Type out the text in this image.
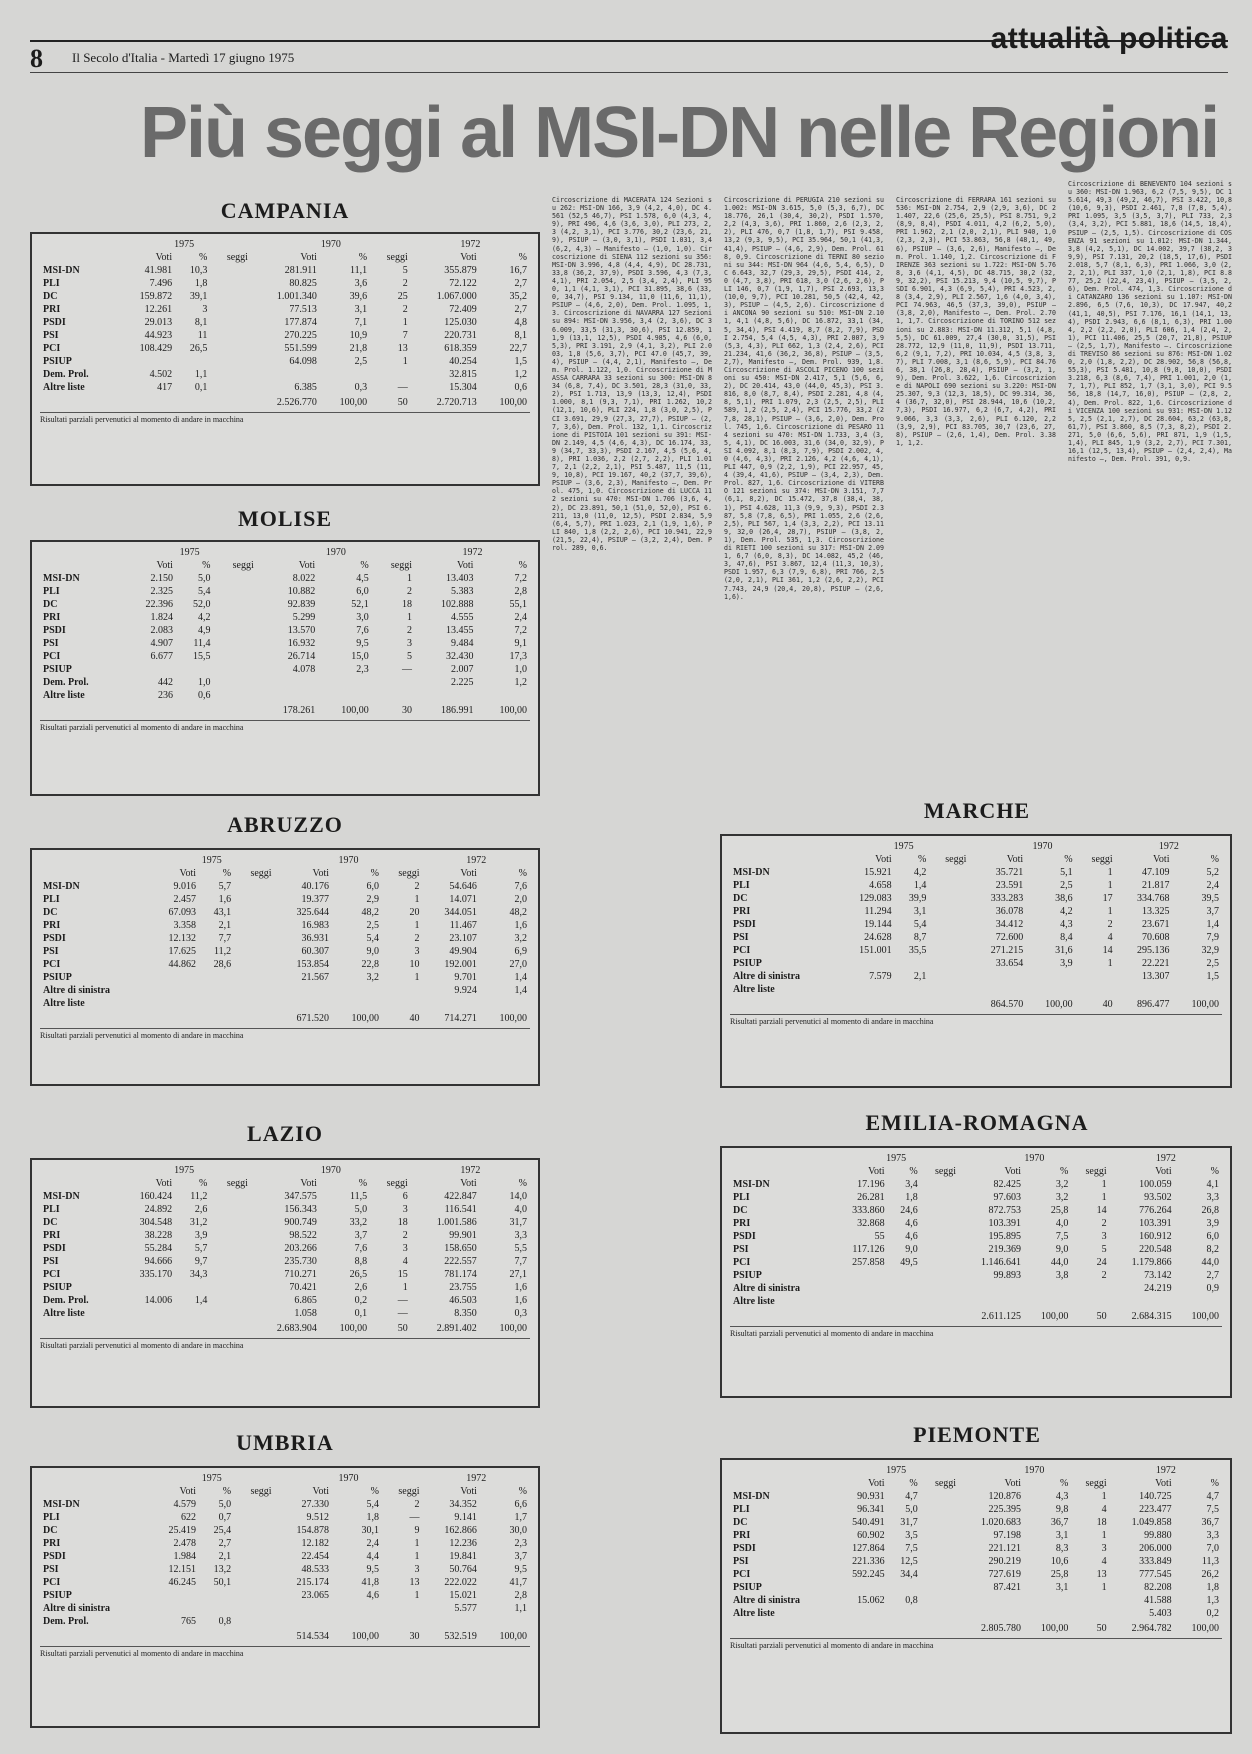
8 Il Secolo d'Italia - Martedì 17 giugno 1975
attualità politica
Più seggi al MSI-DN nelle Regioni
CAMPANIA
	1975			1970			1972	
	Voti	%	seggi	Voti	%	seggi	Voti	%
MSI-DN	41.981	10,3		281.911	11,1	5	355.879	16,7
PLI	7.496	1,8		80.825	3,6	2	72.122	2,7
DC	159.872	39,1		1.001.340	39,6	25	1.067.000	35,2
PRI	12.261	3		77.513	3,1	2	72.409	2,7
PSDI	29.013	8,1		177.874	7,1	1	125.030	4,8
PSI	44.923	11		270.225	10,9	7	220.731	8,1
PCI	108.429	26,5		551.599	21,8	13	618.359	22,7
PSIUP				64.098	2,5	1	40.254	1,5
Dem. Prol.	4.502	1,1					32.815	1,2
Altre liste	417	0,1		6.385	0,3	—	15.304	0,6
				2.526.770	100,00	50	2.720.713	100,00
Risultati parziali pervenutici al momento di andare in macchina
MOLISE
	1975			1970			1972	
	Voti	%	seggi	Voti	%	seggi	Voti	%
MSI-DN	2.150	5,0		8.022	4,5	1	13.403	7,2
PLI	2.325	5,4		10.882	6,0	2	5.383	2,8
DC	22.396	52,0		92.839	52,1	18	102.888	55,1
PRI	1.824	4,2		5.299	3,0	1	4.555	2,4
PSDI	2.083	4,9		13.570	7,6	2	13.455	7,2
PSI	4.907	11,4		16.932	9,5	3	9.484	9,1
PCI	6.677	15,5		26.714	15,0	5	32.430	17,3
PSIUP				4.078	2,3	—	2.007	1,0
Dem. Prol.	442	1,0					2.225	1,2
Altre liste	236	0,6						
				178.261	100,00	30	186.991	100,00
Risultati parziali pervenutici al momento di andare in macchina
ABRUZZO
	1975			1970			1972	
	Voti	%	seggi	Voti	%	seggi	Voti	%
MSI-DN	9.016	5,7		40.176	6,0	2	54.646	7,6
PLI	2.457	1,6		19.377	2,9	1	14.071	2,0
DC	67.093	43,1		325.644	48,2	20	344.051	48,2
PRI	3.358	2,1		16.983	2,5	1	11.467	1,6
PSDI	12.132	7,7		36.931	5,4	2	23.107	3,2
PSI	17.625	11,2		60.307	9,0	3	49.904	6,9
PCI	44.862	28,6		153.854	22,8	10	192.001	27,0
PSIUP				21.567	3,2	1	9.701	1,4
Altre di sinistra							9.924	1,4
Altre liste								
				671.520	100,00	40	714.271	100,00
Risultati parziali pervenutici al momento di andare in macchina
LAZIO
	1975			1970			1972	
	Voti	%	seggi	Voti	%	seggi	Voti	%
MSI-DN	160.424	11,2		347.575	11,5	6	422.847	14,0
PLI	24.892	2,6		156.343	5,0	3	116.541	4,0
DC	304.548	31,2		900.749	33,2	18	1.001.586	31,7
PRI	38.228	3,9		98.522	3,7	2	99.901	3,3
PSDI	55.284	5,7		203.266	7,6	3	158.650	5,5
PSI	94.666	9,7		235.730	8,8	4	222.557	7,7
PCI	335.170	34,3		710.271	26,5	15	781.174	27,1
PSIUP				70.421	2,6	1	23.755	1,6
Dem. Prol.	14.006	1,4		6.865	0,2	—	46.503	1,6
Altre liste				1.058	0,1	—	8.350	0,3
				2.683.904	100,00	50	2.891.402	100,00
Risultati parziali pervenutici al momento di andare in macchina
UMBRIA
	1975			1970			1972	
	Voti	%	seggi	Voti	%	seggi	Voti	%
MSI-DN	4.579	5,0		27.330	5,4	2	34.352	6,6
PLI	622	0,7		9.512	1,8	—	9.141	1,7
DC	25.419	25,4		154.878	30,1	9	162.866	30,0
PRI	2.478	2,7		12.182	2,4	1	12.236	2,3
PSDI	1.984	2,1		22.454	4,4	1	19.841	3,7
PSI	12.151	13,2		48.533	9,5	3	50.764	9,5
PCI	46.245	50,1		215.174	41,8	13	222.022	41,7
PSIUP				23.065	4,6	1	15.021	2,8
Altre di sinistra							5.577	1,1
Dem. Prol.	765	0,8						
				514.534	100,00	30	532.519	100,00
Risultati parziali pervenutici al momento di andare in macchina
MARCHE
	1975			1970			1972	
	Voti	%	seggi	Voti	%	seggi	Voti	%
MSI-DN	15.921	4,2		35.721	5,1	1	47.109	5,2
PLI	4.658	1,4		23.591	2,5	1	21.817	2,4
DC	129.083	39,9		333.283	38,6	17	334.768	39,5
PRI	11.294	3,1		36.078	4,2	1	13.325	3,7
PSDI	19.144	5,4		34.412	4,3	2	23.671	1,4
PSI	24.628	8,7		72.600	8,4	4	70.608	7,9
PCI	151.001	35,5		271.215	31,6	14	295.136	32,9
PSIUP				33.654	3,9	1	22.221	2,5
Altre di sinistra	7.579	2,1					13.307	1,5
Altre liste								
				864.570	100,00	40	896.477	100,00
Risultati parziali pervenutici al momento di andare in macchina
EMILIA-ROMAGNA
	1975			1970			1972	
	Voti	%	seggi	Voti	%	seggi	Voti	%
MSI-DN	17.196	3,4		82.425	3,2	1	100.059	4,1
PLI	26.281	1,8		97.603	3,2	1	93.502	3,3
DC	333.860	24,6		872.753	25,8	14	776.264	26,8
PRI	32.868	4,6		103.391	4,0	2	103.391	3,9
PSDI	55	4,6		195.895	7,5	3	160.912	6,0
PSI	117.126	9,0		219.369	9,0	5	220.548	8,2
PCI	257.858	49,5		1.146.641	44,0	24	1.179.866	44,0
PSIUP				99.893	3,8	2	73.142	2,7
Altre di sinistra							24.219	0,9
Altre liste								
				2.611.125	100,00	50	2.684.315	100,00
Risultati parziali pervenutici al momento di andare in macchina
PIEMONTE
	1975			1970			1972	
	Voti	%	seggi	Voti	%	seggi	Voti	%
MSI-DN	90.931	4,7		120.876	4,3	1	140.725	4,7
PLI	96.341	5,0		225.395	9,8	4	223.477	7,5
DC	540.491	31,7		1.020.683	36,7	18	1.049.858	36,7
PRI	60.902	3,5		97.198	3,1	1	99.880	3,3
PSDI	127.864	7,5		221.121	8,3	3	206.000	7,0
PSI	221.336	12,5		290.219	10,6	4	333.849	11,3
PCI	592.245	34,4		727.619	25,8	13	777.545	26,2
PSIUP				87.421	3,1	1	82.208	1,8
Altre di sinistra	15.062	0,8					41.588	1,3
Altre liste							5.403	0,2
				2.805.780	100,00	50	2.964.782	100,00
Risultati parziali pervenutici al momento di andare in macchina

Circoscrizione di MACERATA 124 Sezioni su 262: MSI-DN 166, 3,9 (4,2, 4,0), DC 4.561 (52,5 46,7), PSI 1.578, 6,0 (4,3, 4,9), PRI 496, 4,6 (3,6, 3,0), PLI 273, 2,3 (4,2, 3,1), PCI 3.776, 30,2 (23,6, 21,9), PSIUP — (3,0, 3,1), PSDI 1.031, 3,4 (6,2, 4,3) — Manifesto — (1,0, 1,0). Circoscrizione di SIENA 112 sezioni su 356: MSI-DN 3.996, 4,8 (4,4, 4,9), DC 28.731, 33,8 (36,2, 37,9), PSDI 3.596, 4,3 (7,3, 4,1), PRI 2.054, 2,5 (3,4, 2,4), PLI 950, 1,1 (4,1, 3,1), PCI 31.895, 38,6 (33,0, 34,7), PSI 9.134, 11,0 (11,6, 11,1), PSIUP — (4,6, 2,0), Dem. Prol. 1.095, 1,3. Circoscrizione di NAVARRA 127 Sezioni su 894: MSI-DN 3.956, 3,4 (2, 3,6), DC 36.009, 33,5 (31,3, 30,6), PSI 12.859, 11,9 (13,1, 12,5), PSDI 4.985, 4,6 (6,0, 5,3), PRI 3.191, 2,9 (4,1, 3,2), PLI 2.003, 1,8 (5,6, 3,7), PCI 47.0 (45,7, 39,4), PSIUP — (4,4, 2,1), Manifesto —, Dem. Prol. 1.122, 1,0. Circoscrizione di MASSA CARRARA 33 sezioni su 300: MSI-DN 834 (6,8, 7,4), DC 3.501, 28,3 (31,0, 33,2), PSI 1.713, 13,9 (13,3, 12,4), PSDI 1.000, 8,1 (9,3, 7,1), PRI 1.262, 10,2 (12,1, 10,6), PLI 224, 1,8 (3,0, 2,5), PCI 3.691, 29,9 (27,3, 27,7), PSIUP — (2,7, 3,6), Dem. Prol. 132, 1,1. Circoscrizione di PISTOIA 101 sezioni su 391: MSI-DN 2.149, 4,5 (4,6, 4,3), DC 16.174, 33,9 (34,7, 33,3), PSDI 2.167, 4,5 (5,6, 4,8), PRI 1.036, 2,2 (2,7, 2,2), PLI 1.017, 2,1 (2,2, 2,1), PSI 5.487, 11,5 (11,9, 10,8), PCI 19.167, 40,2 (37,7, 39,6), PSIUP — (3,6, 2,3), Manifesto —, Dem. Prol. 475, 1,0. Circoscrizione di LUCCA 112 sezioni su 470: MSI-DN 1.706 (3,6, 4,2), DC 23.891, 50,1 (51,0, 52,0), PSI 6.211, 13,0 (11,0, 12,5), PSDI 2.834, 5,9 (6,4, 5,7), PRI 1.023, 2,1 (1,9, 1,6), PLI 840, 1,8 (2,2, 2,6), PCI 10.941, 22,9 (21,5, 22,4), PSIUP — (3,2, 2,4), Dem. Prol. 289, 0,6.

Circoscrizione di PERUGIA 210 sezioni su 1.002: MSI-DN 3.615, 5,0 (5,3, 6,7), DC 18.776, 26,1 (30,4, 30,2), PSDI 1.570, 2,2 (4,3, 3,6), PRI 1.860, 2,6 (2,3, 2,2), PLI 476, 0,7 (1,8, 1,7), PSI 9.458, 13,2 (9,3, 9,5), PCI 35.964, 50,1 (41,3, 41,4), PSIUP — (4,6, 2,9), Dem. Prol. 618, 0,9. Circoscrizione di TERNI 80 sezioni su 344: MSI-DN 964 (4,6, 5,4, 6,5), DC 6.643, 32,7 (29,3, 29,5), PSDI 414, 2,0 (4,7, 3,8), PRI 618, 3,0 (2,6, 2,6), PLI 146, 0,7 (1,9, 1,7), PSI 2.693, 13,3 (10,0, 9,7), PCI 10.281, 50,5 (42,4, 42,3), PSIUP — (4,5, 2,6). Circoscrizione di ANCONA 90 sezioni su 510: MSI-DN 2.101, 4,1 (4,8, 5,6), DC 16.872, 33,1 (34,5, 34,4), PSI 4.419, 8,7 (8,2, 7,9), PSDI 2.754, 5,4 (4,5, 4,3), PRI 2.007, 3,9 (5,3, 4,3), PLI 662, 1,3 (2,4, 2,6), PCI 21.234, 41,6 (36,2, 36,8), PSIUP — (3,5, 2,7), Manifesto —, Dem. Prol. 939, 1,8. Circoscrizione di ASCOLI PICENO 100 sezioni su 450: MSI-DN 2.417, 5,1 (5,6, 6,2), DC 20.414, 43,0 (44,0, 45,3), PSI 3.816, 8,0 (8,7, 8,4), PSDI 2.281, 4,8 (4,8, 5,1), PRI 1.079, 2,3 (2,5, 2,5), PLI 589, 1,2 (2,5, 2,4), PCI 15.776, 33,2 (27,8, 28,1), PSIUP — (3,6, 2,0), Dem. Prol. 745, 1,6. Circoscrizione di PESARO 114 sezioni su 470: MSI-DN 1.733, 3,4 (3,5, 4,1), DC 16.003, 31,6 (34,0, 32,9), PSI 4.092, 8,1 (8,3, 7,9), PSDI 2.002, 4,0 (4,6, 4,3), PRI 2.126, 4,2 (4,6, 4,1), PLI 447, 0,9 (2,2, 1,9), PCI 22.957, 45,4 (39,4, 41,6), PSIUP — (3,4, 2,3), Dem. Prol. 827, 1,6. Circoscrizione di VITERBO 121 sezioni su 374: MSI-DN 3.151, 7,7 (6,1, 8,2), DC 15.472, 37,8 (38,4, 38,1), PSI 4.628, 11,3 (9,9, 9,3), PSDI 2.387, 5,8 (7,8, 6,5), PRI 1.055, 2,6 (2,6, 2,5), PLI 567, 1,4 (3,3, 2,2), PCI 13.119, 32,0 (26,4, 28,7), PSIUP — (3,8, 2,1), Dem. Prol. 535, 1,3. Circoscrizione di RIETI 100 sezioni su 317: MSI-DN 2.091, 6,7 (6,0, 8,3), DC 14.082, 45,2 (46,3, 47,6), PSI 3.867, 12,4 (11,3, 10,3), PSDI 1.957, 6,3 (7,9, 6,8), PRI 766, 2,5 (2,0, 2,1), PLI 361, 1,2 (2,6, 2,2), PCI 7.743, 24,9 (20,4, 20,8), PSIUP — (2,6, 1,6).

Circoscrizione di FERRARA 161 sezioni su 536: MSI-DN 2.754, 2,9 (2,9, 3,6), DC 21.407, 22,6 (25,6, 25,5), PSI 8.751, 9,2 (8,9, 8,4), PSDI 4.011, 4,2 (6,2, 5,0), PRI 1.962, 2,1 (2,0, 2,1), PLI 940, 1,0 (2,3, 2,3), PCI 53.863, 56,8 (48,1, 49,6), PSIUP — (3,6, 2,6), Manifesto —, Dem. Prol. 1.140, 1,2. Circoscrizione di FIRENZE 363 sezioni su 1.722: MSI-DN 5.768, 3,6 (4,1, 4,5), DC 48.715, 30,2 (32,9, 32,2), PSI 15.213, 9,4 (10,5, 9,7), PSDI 6.901, 4,3 (6,9, 5,4), PRI 4.523, 2,8 (3,4, 2,9), PLI 2.567, 1,6 (4,0, 3,4), PCI 74.963, 46,5 (37,3, 39,0), PSIUP — (3,8, 2,0), Manifesto —, Dem. Prol. 2.701, 1,7. Circoscrizione di TORINO 512 sezioni su 2.883: MSI-DN 11.312, 5,1 (4,8, 5,5), DC 61.009, 27,4 (30,0, 31,5), PSI 28.772, 12,9 (11,0, 11,9), PSDI 13.711, 6,2 (9,1, 7,2), PRI 10.034, 4,5 (3,8, 3,7), PLI 7.008, 3,1 (8,6, 5,9), PCI 84.766, 38,1 (26,8, 28,4), PSIUP — (3,2, 1,9), Dem. Prol. 3.622, 1,6. Circoscrizione di NAPOLI 690 sezioni su 3.220: MSI-DN 25.307, 9,3 (12,3, 18,5), DC 99.314, 36,4 (36,7, 32,0), PSI 28.944, 10,6 (10,2, 7,3), PSDI 16.977, 6,2 (6,7, 4,2), PRI 9.066, 3,3 (3,3, 2,6), PLI 6.120, 2,2 (3,9, 2,9), PCI 83.705, 30,7 (23,6, 27,8), PSIUP — (2,6, 1,4), Dem. Prol. 3.381, 1,2.

Circoscrizione di BENEVENTO 104 sezioni su 360: MSI-DN 1.963, 6,2 (7,5, 9,5), DC 15.614, 49,3 (49,2, 46,7), PSI 3.422, 10,8 (10,6, 9,3), PSDI 2.461, 7,8 (7,8, 5,4), PRI 1.095, 3,5 (3,5, 3,7), PLI 733, 2,3 (3,4, 3,2), PCI 5.881, 18,6 (14,5, 18,4), PSIUP — (2,5, 1,5). Circoscrizione di COSENZA 91 sezioni su 1.012: MSI-DN 1.344, 3,8 (4,2, 5,1), DC 14.002, 39,7 (38,2, 39,9), PSI 7.131, 20,2 (18,5, 17,6), PSDI 2.018, 5,7 (8,1, 6,3), PRI 1.066, 3,0 (2,2, 2,1), PLI 337, 1,0 (2,1, 1,8), PCI 8.877, 25,2 (22,4, 23,4), PSIUP — (3,5, 2,6), Dem. Prol. 474, 1,3. Circoscrizione di CATANZARO 136 sezioni su 1.107: MSI-DN 2.896, 6,5 (7,6, 10,3), DC 17.947, 40,2 (41,1, 40,5), PSI 7.176, 16,1 (14,1, 13,4), PSDI 2.943, 6,6 (8,1, 6,3), PRI 1.004, 2,2 (2,2, 2,0), PLI 606, 1,4 (2,4, 2,1), PCI 11.406, 25,5 (20,7, 21,8), PSIUP — (2,5, 1,7), Manifesto —. Circoscrizione di TREVISO 86 sezioni su 876: MSI-DN 1.020, 2,0 (1,8, 2,2), DC 28.902, 56,8 (56,8, 55,3), PSI 5.481, 10,8 (9,8, 10,0), PSDI 3.218, 6,3 (8,6, 7,4), PRI 1.001, 2,0 (1,7, 1,7), PLI 852, 1,7 (3,1, 3,0), PCI 9.556, 18,8 (14,7, 16,0), PSIUP — (2,8, 2,4), Dem. Prol. 822, 1,6. Circoscrizione di VICENZA 100 sezioni su 931: MSI-DN 1.125, 2,5 (2,1, 2,7), DC 28.604, 63,2 (63,8, 61,7), PSI 3.860, 8,5 (7,3, 8,2), PSDI 2.271, 5,0 (6,6, 5,6), PRI 871, 1,9 (1,5, 1,4), PLI 845, 1,9 (3,2, 2,7), PCI 7.301, 16,1 (12,5, 13,4), PSIUP — (2,4, 2,4), Manifesto —, Dem. Prol. 391, 0,9.
